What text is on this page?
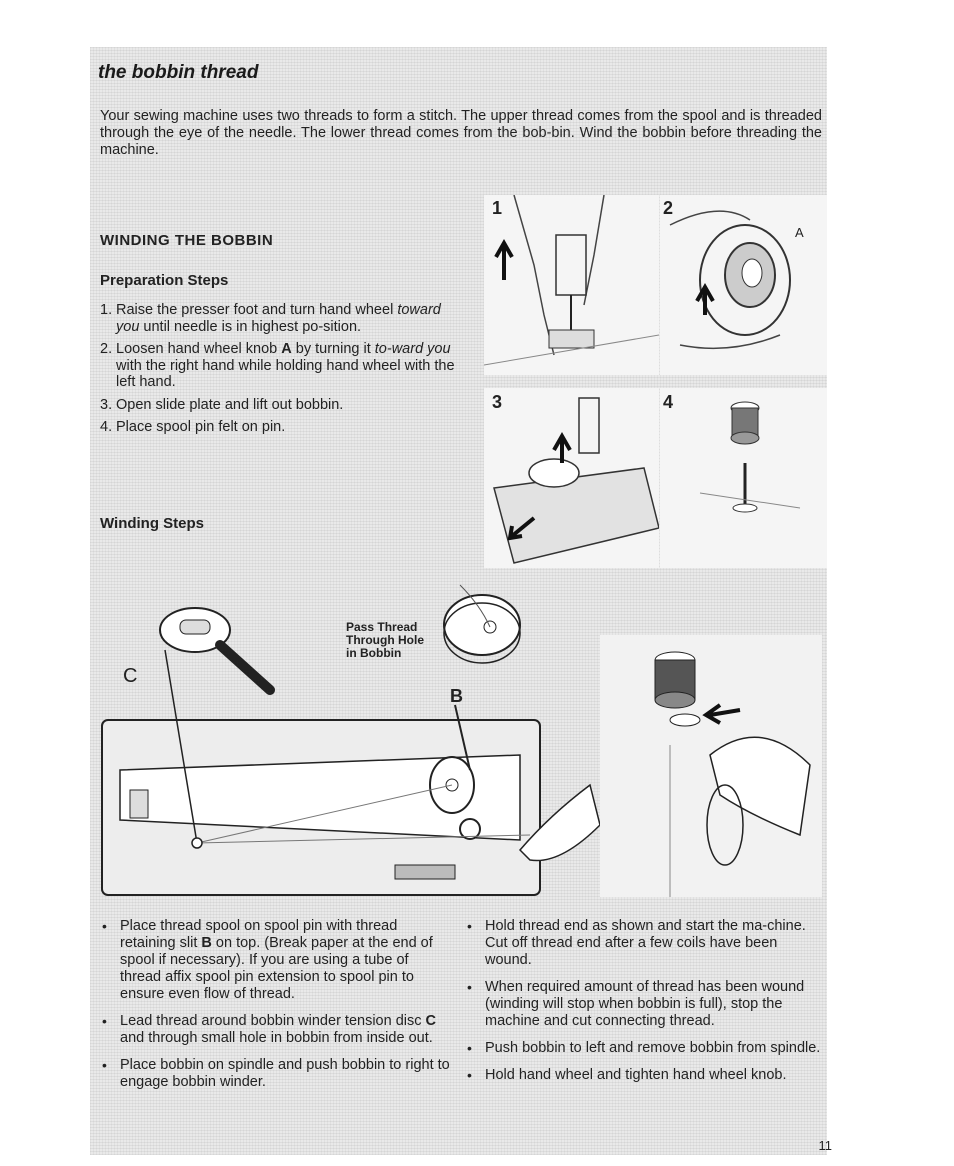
the bobbin thread
Your sewing machine uses two threads to form a stitch. The upper thread comes from the spool and is threaded through the eye of the needle. The lower thread comes from the bob-bin. Wind the bobbin before threading the machine.
WINDING THE BOBBIN
Preparation Steps
1. Raise the presser foot and turn hand wheel toward you until needle is in highest po-sition.
2. Loosen hand wheel knob A by turning it to-ward you with the right hand while holding hand wheel with the left hand.
3. Open slide plate and lift out bobbin.
4. Place spool pin felt on pin.
Winding Steps
1	2
A
3	4
Pass Thread
Through Hole
in Bobbin
B
C
• Place thread spool on spool pin with thread retaining slit B on top. (Break paper at the end of spool if necessary). If you are using a tube of thread affix spool pin extension to spool pin to ensure even flow of thread.
• Lead thread around bobbin winder tension disc C and through small hole in bobbin from inside out.
• Place bobbin on spindle and push bobbin to right to engage bobbin winder.
• Hold thread end as shown and start the ma-chine. Cut off thread end after a few coils have been wound.
• When required amount of thread has been wound (winding will stop when bobbin is full), stop the machine and cut connecting thread.
• Push bobbin to left and remove bobbin from spindle.
• Hold hand wheel and tighten hand wheel knob.
11
